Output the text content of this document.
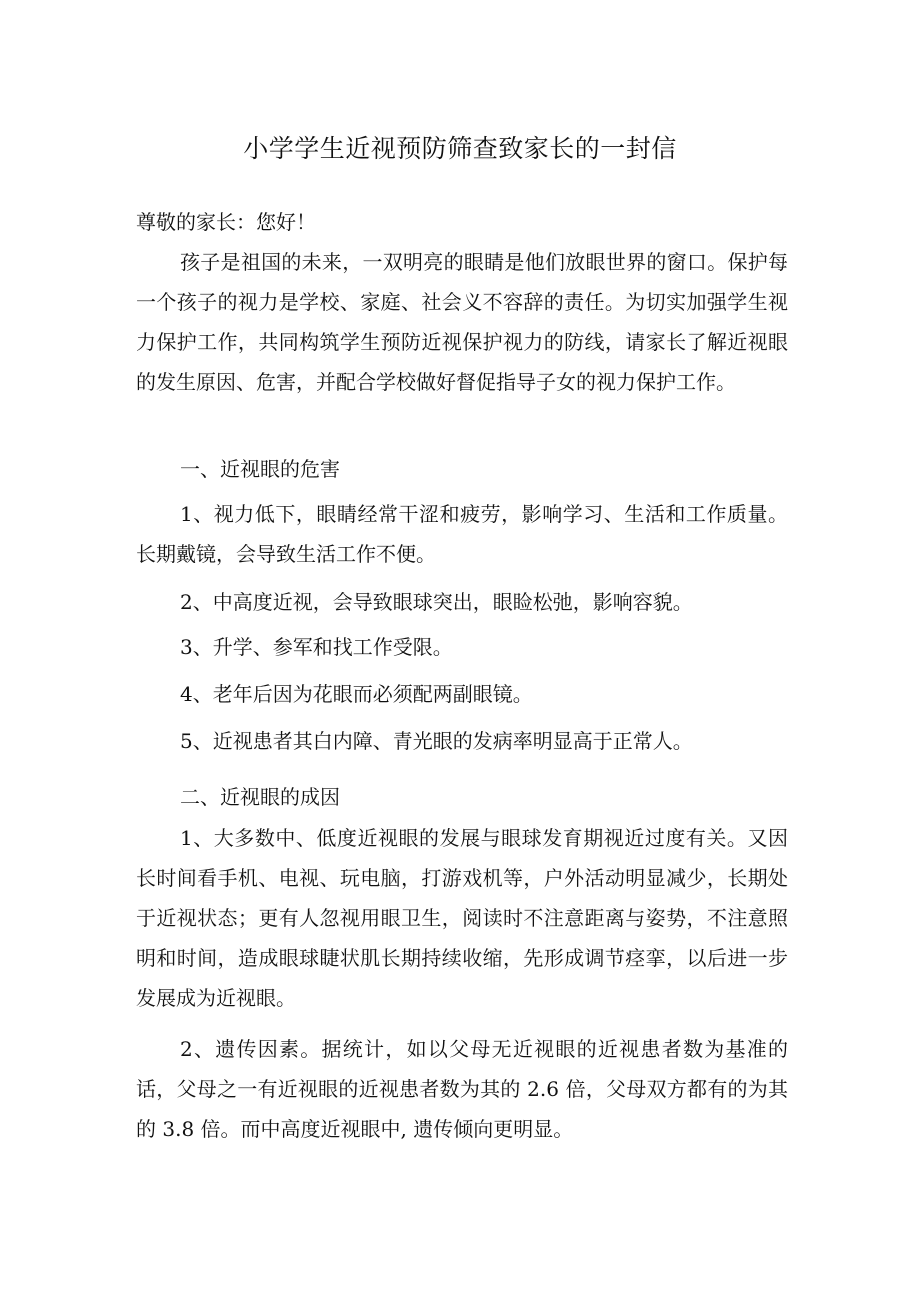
小学学生近视预防筛查致家长的一封信

尊敬的家长：您好！

孩子是祖国的未来，一双明亮的眼睛是他们放眼世界的窗口。保护每一个孩子的视力是学校、家庭、社会义不容辞的责任。为切实加强学生视力保护工作，共同构筑学生预防近视保护视力的防线，请家长了解近视眼的发生原因、危害，并配合学校做好督促指导子女的视力保护工作。

一、近视眼的危害

1、视力低下，眼睛经常干涩和疲劳，影响学习、生活和工作质量。长期戴镜，会导致生活工作不便。

2、中高度近视，会导致眼球突出，眼睑松弛，影响容貌。

3、升学、参军和找工作受限。

4、老年后因为花眼而必须配两副眼镜。

5、近视患者其白内障、青光眼的发病率明显高于正常人。

二、近视眼的成因

1、大多数中、低度近视眼的发展与眼球发育期视近过度有关。又因长时间看手机、电视、玩电脑，打游戏机等，户外活动明显减少，长期处于近视状态；更有人忽视用眼卫生，阅读时不注意距离与姿势，不注意照明和时间，造成眼球睫状肌长期持续收缩，先形成调节痉挛，以后进一步发展成为近视眼。

2、遗传因素。据统计，如以父母无近视眼的近视患者数为基准的话，父母之一有近视眼的近视患者数为其的 2.6 倍，父母双方都有的为其的 3.8 倍。而中高度近视眼中, 遗传倾向更明显。
